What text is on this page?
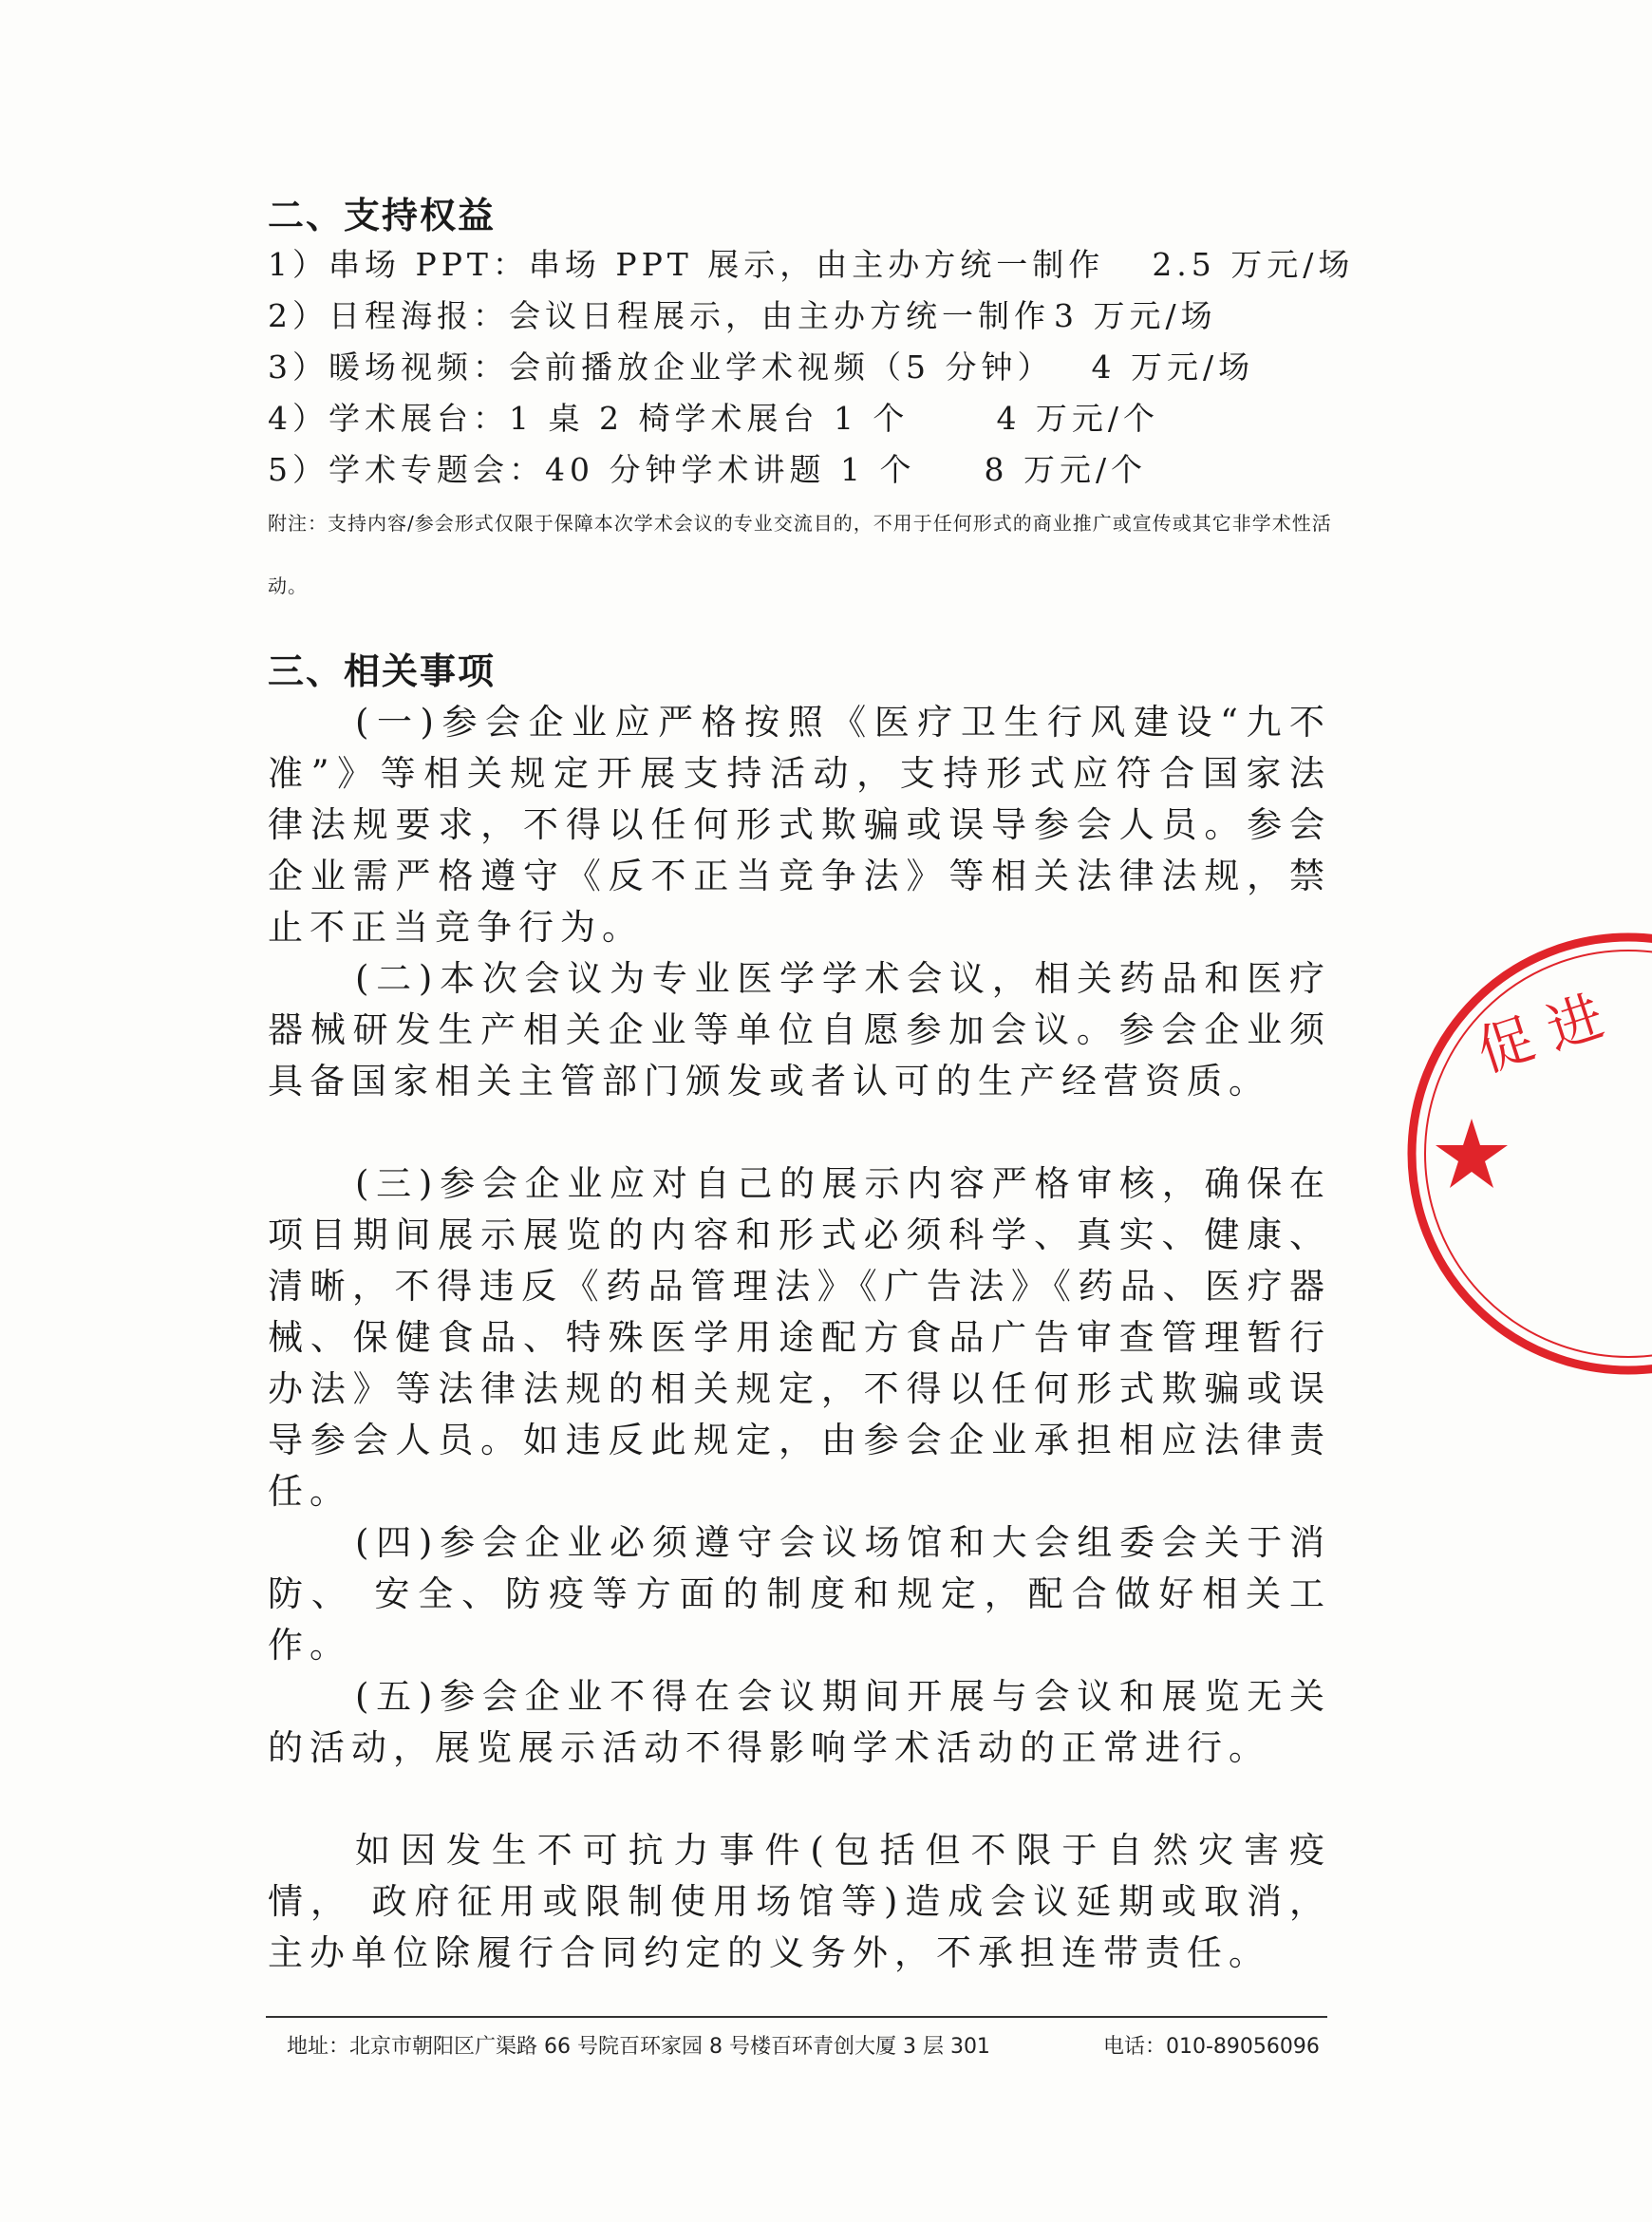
二、支持权益

1）串场 PPT：串场 PPT 展示，由主办方统一制作 2.5 万元/场

2）日程海报：会议日程展示，由主办方统一制作 3 万元/场

3）暖场视频：会前播放企业学术视频（5 分钟） 4 万元/场

4）学术展台：1 桌 2 椅学术展台 1 个	4 万元/个

5）学术专题会：40 分钟学术讲题 1 个 8 万元/个

附注：支持内容/参会形式仅限于保障本次学术会议的专业交流目的，不用于任何形式的商业推广或宣传或其它非学术性活动。

三、相关事项

(一)参会企业应严格按照《医疗卫生行风建设“九不准”》等相关规定开展支持活动，支持形式应符合国家法律法规要求，不得以任何形式欺骗或误导参会人员。参会企业需严格遵守《反不正当竞争法》等相关法律法规，禁止不正当竞争行为。

(二)本次会议为专业医学学术会议，相关药品和医疗器械研发生产相关企业等单位自愿参加会议。参会企业须具备国家相关主管部门颁发或者认可的生产经营资质。

(三)参会企业应对自己的展示内容严格审核，确保在项目期间展示展览的内容和形式必须科学、真实、健康、清晰，不得违反《药品管理法》《广告法》《药品、医疗器械、保健食品、特殊医学用途配方食品广告审查管理暂行办法》等法律法规的相关规定，不得以任何形式欺骗或误导参会人员。如违反此规定，由参会企业承担相应法律责任。

(四)参会企业必须遵守会议场馆和大会组委会关于消防、 安全、防疫等方面的制度和规定，配合做好相关工作。

(五)参会企业不得在会议期间开展与会议和展览无关的活动，展览展示活动不得影响学术活动的正常进行。

如因发生不可抗力事件(包括但不限于自然灾害疫情， 政府征用或限制使用场馆等)造成会议延期或取消，主办单位除履行合同约定的义务外，不承担连带责任。

地址：北京市朝阳区广渠路 66 号院百环家园 8 号楼百环青创大厦 3 层 301	电话：010-89056096

促 进
